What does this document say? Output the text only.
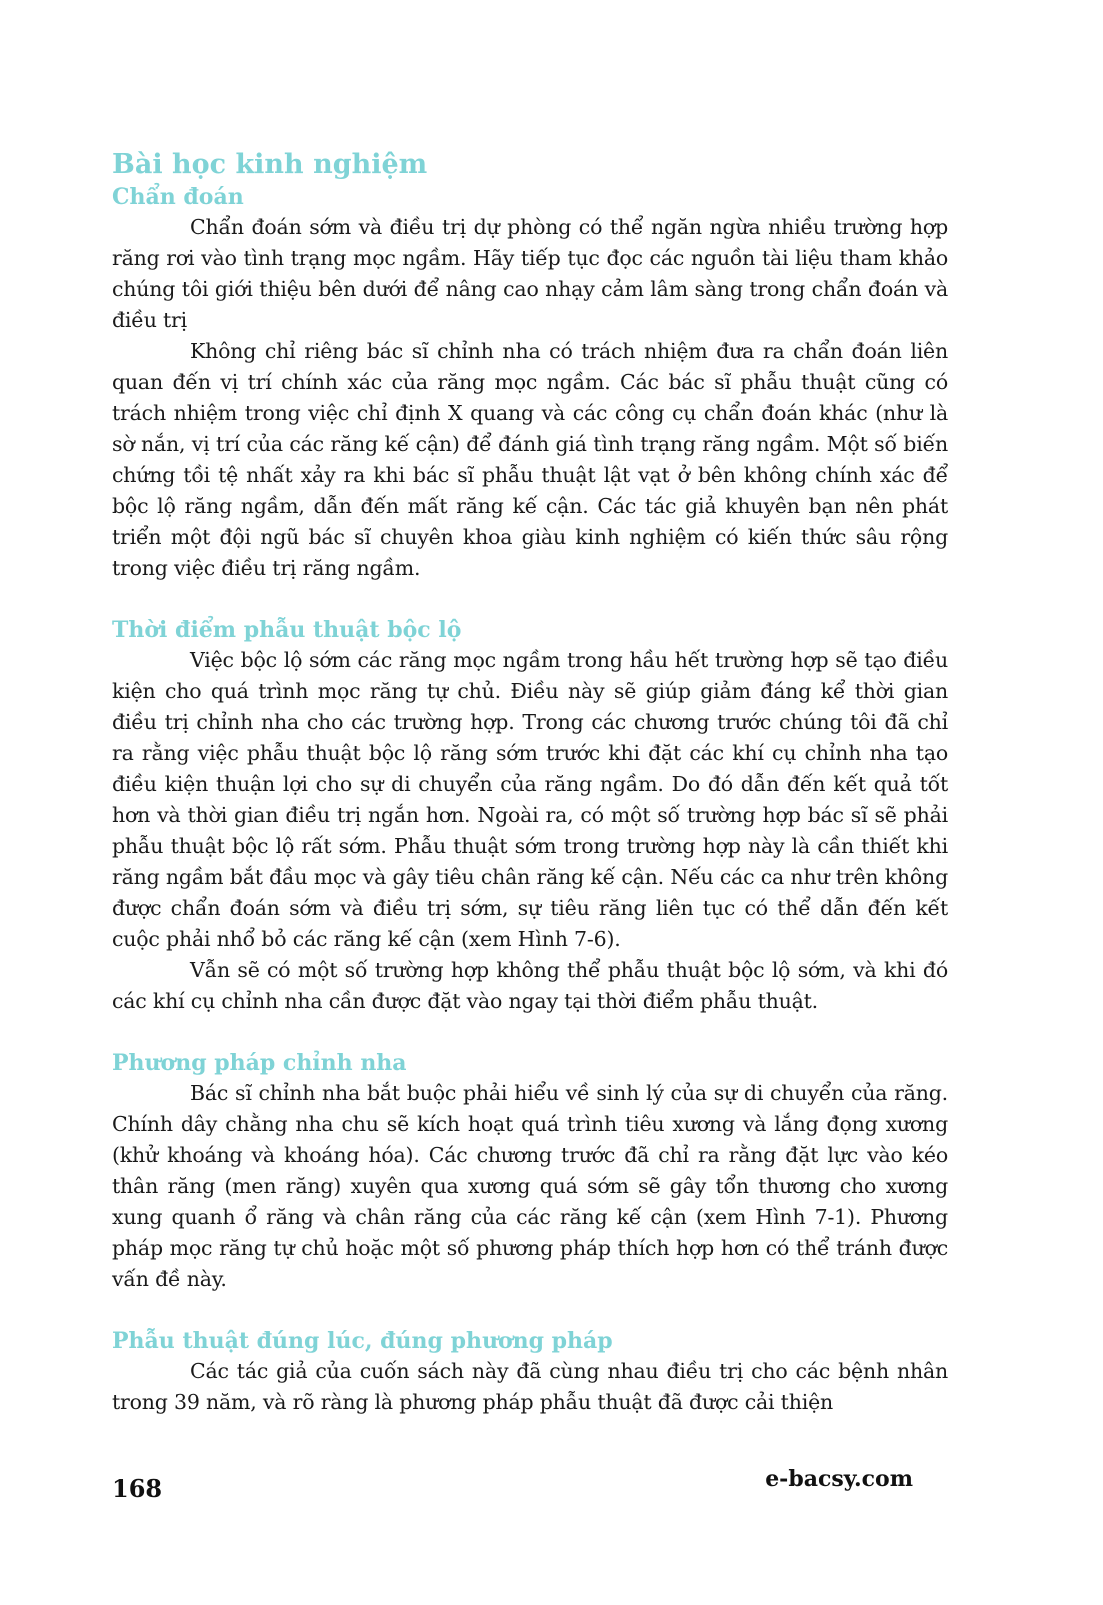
Bài học kinh nghiệm
Chẩn đoán

Chẩn đoán sớm và điều trị dự phòng có thể ngăn ngừa nhiều trường hợp răng rơi vào tình trạng mọc ngầm. Hãy tiếp tục đọc các nguồn tài liệu tham khảo chúng tôi giới thiệu bên dưới để nâng cao nhạy cảm lâm sàng trong chẩn đoán và điều trị

Không chỉ riêng bác sĩ chỉnh nha có trách nhiệm đưa ra chẩn đoán liên quan đến vị trí chính xác của răng mọc ngầm. Các bác sĩ phẫu thuật cũng có trách nhiệm trong việc chỉ định X quang và các công cụ chẩn đoán khác (như là sờ nắn, vị trí của các răng kế cận) để đánh giá tình trạng răng ngầm. Một số biến chứng tồi tệ nhất xảy ra khi bác sĩ phẫu thuật lật vạt ở bên không chính xác để bộc lộ răng ngầm, dẫn đến mất răng kế cận. Các tác giả khuyên bạn nên phát triển một đội ngũ bác sĩ chuyên khoa giàu kinh nghiệm có kiến thức sâu rộng trong việc điều trị răng ngầm.

Thời điểm phẫu thuật bộc lộ

Việc bộc lộ sớm các răng mọc ngầm trong hầu hết trường hợp sẽ tạo điều kiện cho quá trình mọc răng tự chủ. Điều này sẽ giúp giảm đáng kể thời gian điều trị chỉnh nha cho các trường hợp. Trong các chương trước chúng tôi đã chỉ ra rằng việc phẫu thuật bộc lộ răng sớm trước khi đặt các khí cụ chỉnh nha tạo điều kiện thuận lợi cho sự di chuyển của răng ngầm. Do đó dẫn đến kết quả tốt hơn và thời gian điều trị ngắn hơn. Ngoài ra, có một số trường hợp bác sĩ sẽ phải phẫu thuật bộc lộ rất sớm. Phẫu thuật sớm trong trường hợp này là cần thiết khi răng ngầm bắt đầu mọc và gây tiêu chân răng kế cận. Nếu các ca như trên không được chẩn đoán sớm và điều trị sớm, sự tiêu răng liên tục có thể dẫn đến kết cuộc phải nhổ bỏ các răng kế cận (xem Hình 7-6).

Vẫn sẽ có một số trường hợp không thể phẫu thuật bộc lộ sớm, và khi đó các khí cụ chỉnh nha cần được đặt vào ngay tại thời điểm phẫu thuật.

Phương pháp chỉnh nha

Bác sĩ chỉnh nha bắt buộc phải hiểu về sinh lý của sự di chuyển của răng. Chính dây chằng nha chu sẽ kích hoạt quá trình tiêu xương và lắng đọng xương (khử khoáng và khoáng hóa). Các chương trước đã chỉ ra rằng đặt lực vào kéo thân răng (men răng) xuyên qua xương quá sớm sẽ gây tổn thương cho xương xung quanh ổ răng và chân răng của các răng kế cận (xem Hình 7-1). Phương pháp mọc răng tự chủ hoặc một số phương pháp thích hợp hơn có thể tránh được vấn đề này.

Phẫu thuật đúng lúc, đúng phương pháp

Các tác giả của cuốn sách này đã cùng nhau điều trị cho các bệnh nhân trong 39 năm, và rõ ràng là phương pháp phẫu thuật đã được cải thiện

168	e-bacsy.com
